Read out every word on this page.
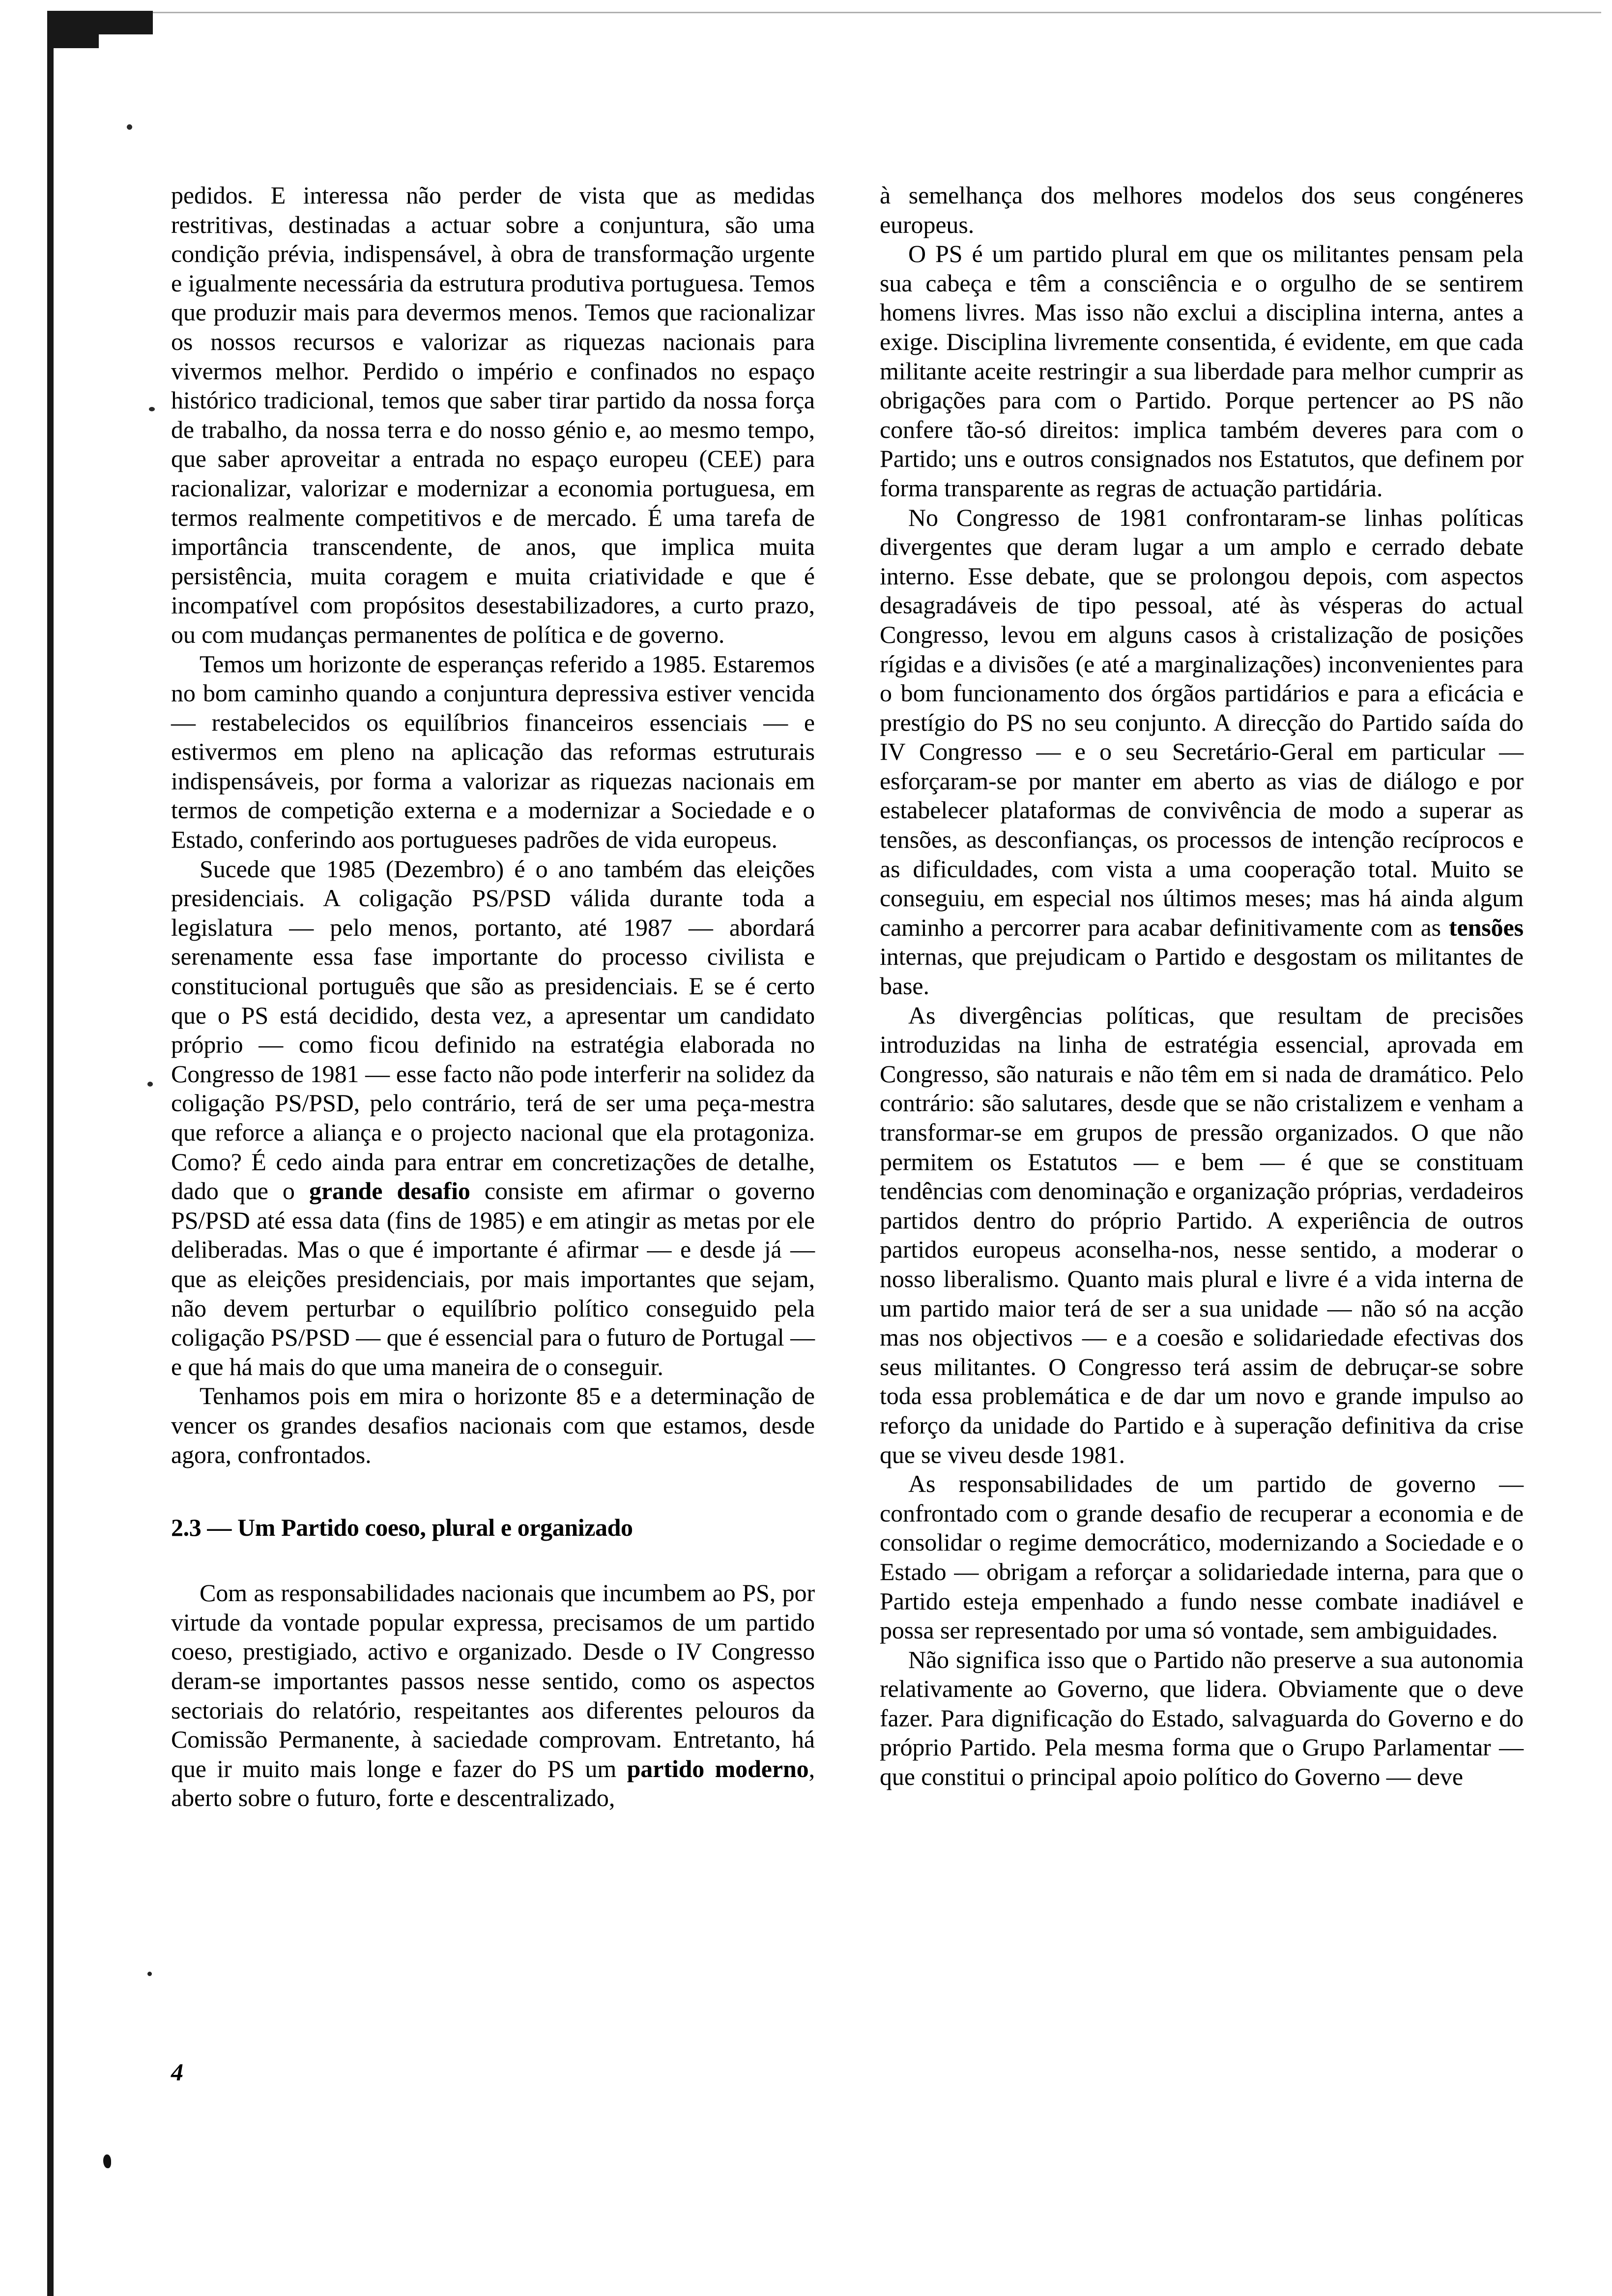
pedidos. E interessa não perder de vista que as medidas restritivas, destinadas a actuar sobre a conjuntura, são uma condição prévia, indispensável, à obra de transformação urgente e igualmente necessária da estrutura produtiva portuguesa. Temos que produzir mais para devermos menos. Temos que racionalizar os nossos recursos e valorizar as riquezas nacionais para vivermos melhor. Perdido o império e confinados no espaço histórico tradicional, temos que saber tirar partido da nossa força de trabalho, da nossa terra e do nosso génio e, ao mesmo tempo, que saber aproveitar a entrada no espaço europeu (CEE) para racionalizar, valorizar e modernizar a economia portuguesa, em termos realmente competitivos e de mercado. É uma tarefa de importância transcendente, de anos, que implica muita persistência, muita coragem e muita criatividade e que é incompatível com propósitos desestabilizadores, a curto prazo, ou com mudanças permanentes de política e de governo.

Temos um horizonte de esperanças referido a 1985. Estaremos no bom caminho quando a conjuntura depressiva estiver vencida — restabelecidos os equilíbrios financeiros essenciais — e estivermos em pleno na aplicação das reformas estruturais indispensáveis, por forma a valorizar as riquezas nacionais em termos de competição externa e a modernizar a Sociedade e o Estado, conferindo aos portugueses padrões de vida europeus.

Sucede que 1985 (Dezembro) é o ano também das eleições presidenciais. A coligação PS/PSD válida durante toda a legislatura — pelo menos, portanto, até 1987 — abordará serenamente essa fase importante do processo civilista e constitucional português que são as presidenciais. E se é certo que o PS está decidido, desta vez, a apresentar um candidato próprio — como ficou definido na estratégia elaborada no Congresso de 1981 — esse facto não pode interferir na solidez da coligação PS/PSD, pelo contrário, terá de ser uma peça-mestra que reforce a aliança e o projecto nacional que ela protagoniza. Como? É cedo ainda para entrar em concretizações de detalhe, dado que o grande desafio consiste em afirmar o governo PS/PSD até essa data (fins de 1985) e em atingir as metas por ele deliberadas. Mas o que é importante é afirmar — e desde já — que as eleições presidenciais, por mais importantes que sejam, não devem perturbar o equilíbrio político conseguido pela coligação PS/PSD — que é essencial para o futuro de Portugal — e que há mais do que uma maneira de o conseguir.

Tenhamos pois em mira o horizonte 85 e a determinação de vencer os grandes desafios nacionais com que estamos, desde agora, confrontados.

2.3 — Um Partido coeso, plural e organizado

Com as responsabilidades nacionais que incumbem ao PS, por virtude da vontade popular expressa, precisamos de um partido coeso, prestigiado, activo e organizado. Desde o IV Congresso deram-se importantes passos nesse sentido, como os aspectos sectoriais do relatório, respeitantes aos diferentes pelouros da Comissão Permanente, à saciedade comprovam. Entretanto, há que ir muito mais longe e fazer do PS um partido moderno, aberto sobre o futuro, forte e descentralizado,

à semelhança dos melhores modelos dos seus congéneres europeus.

O PS é um partido plural em que os militantes pensam pela sua cabeça e têm a consciência e o orgulho de se sentirem homens livres. Mas isso não exclui a disciplina interna, antes a exige. Disciplina livremente consentida, é evidente, em que cada militante aceite restringir a sua liberdade para melhor cumprir as obrigações para com o Partido. Porque pertencer ao PS não confere tão-só direitos: implica também deveres para com o Partido; uns e outros consignados nos Estatutos, que definem por forma transparente as regras de actuação partidária.

No Congresso de 1981 confrontaram-se linhas políticas divergentes que deram lugar a um amplo e cerrado debate interno. Esse debate, que se prolongou depois, com aspectos desagradáveis de tipo pessoal, até às vésperas do actual Congresso, levou em alguns casos à cristalização de posições rígidas e a divisões (e até a marginalizações) inconvenientes para o bom funcionamento dos órgãos partidários e para a eficácia e prestígio do PS no seu conjunto. A direcção do Partido saída do IV Congresso — e o seu Secretário-Geral em particular — esforçaram-se por manter em aberto as vias de diálogo e por estabelecer plataformas de convivência de modo a superar as tensões, as desconfianças, os processos de intenção recíprocos e as dificuldades, com vista a uma cooperação total. Muito se conseguiu, em especial nos últimos meses; mas há ainda algum caminho a percorrer para acabar definitivamente com as tensões internas, que prejudicam o Partido e desgostam os militantes de base.

As divergências políticas, que resultam de precisões introduzidas na linha de estratégia essencial, aprovada em Congresso, são naturais e não têm em si nada de dramático. Pelo contrário: são salutares, desde que se não cristalizem e venham a transformar-se em grupos de pressão organizados. O que não permitem os Estatutos — e bem — é que se constituam tendências com denominação e organização próprias, verdadeiros partidos dentro do próprio Partido. A experiência de outros partidos europeus aconselha-nos, nesse sentido, a moderar o nosso liberalismo. Quanto mais plural e livre é a vida interna de um partido maior terá de ser a sua unidade — não só na acção mas nos objectivos — e a coesão e solidariedade efectivas dos seus militantes. O Congresso terá assim de debruçar-se sobre toda essa problemática e de dar um novo e grande impulso ao reforço da unidade do Partido e à superação definitiva da crise que se viveu desde 1981.

As responsabilidades de um partido de governo — confrontado com o grande desafio de recuperar a economia e de consolidar o regime democrático, modernizando a Sociedade e o Estado — obrigam a reforçar a solidariedade interna, para que o Partido esteja empenhado a fundo nesse combate inadiável e possa ser representado por uma só vontade, sem ambiguidades.

Não significa isso que o Partido não preserve a sua autonomia relativamente ao Governo, que lidera. Obviamente que o deve fazer. Para dignificação do Estado, salvaguarda do Governo e do próprio Partido. Pela mesma forma que o Grupo Parlamentar — que constitui o principal apoio político do Governo — deve

4
